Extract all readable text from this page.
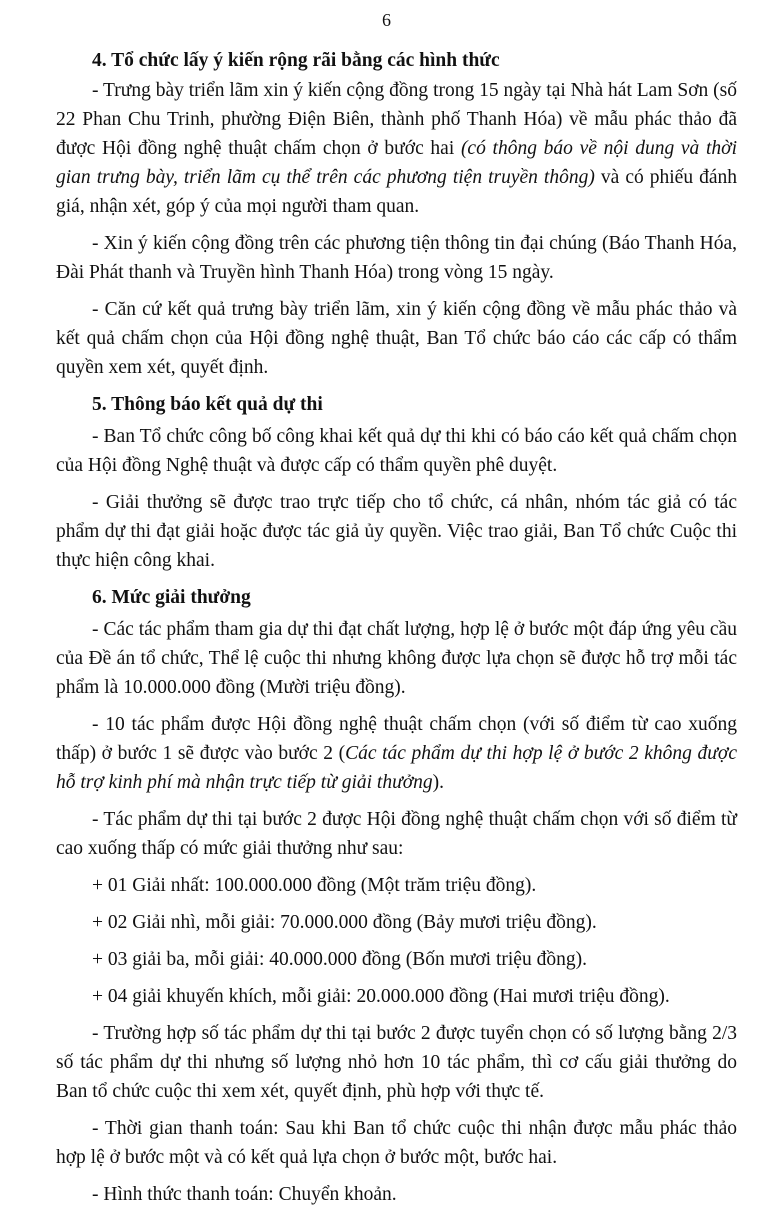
6
4. Tổ chức lấy ý kiến rộng rãi bằng các hình thức

- Trưng bày triển lãm xin ý kiến cộng đồng trong 15 ngày tại Nhà hát Lam Sơn (số 22 Phan Chu Trinh, phường Điện Biên, thành phố Thanh Hóa) về mẫu phác thảo đã được Hội đồng nghệ thuật chấm chọn ở bước hai (có thông báo về nội dung và thời gian trưng bày, triển lãm cụ thể trên các phương tiện truyền thông) và có phiếu đánh giá, nhận xét, góp ý của mọi người tham quan.

- Xin ý kiến cộng đồng trên các phương tiện thông tin đại chúng (Báo Thanh Hóa, Đài Phát thanh và Truyền hình Thanh Hóa) trong vòng 15 ngày.

- Căn cứ kết quả trưng bày triển lãm, xin ý kiến cộng đồng về mẫu phác thảo và kết quả chấm chọn của Hội đồng nghệ thuật, Ban Tổ chức báo cáo các cấp có thẩm quyền xem xét, quyết định.

5. Thông báo kết quả dự thi

- Ban Tổ chức công bố công khai kết quả dự thi khi có báo cáo kết quả chấm chọn của Hội đồng Nghệ thuật và được cấp có thẩm quyền phê duyệt.

- Giải thưởng sẽ được trao trực tiếp cho tổ chức, cá nhân, nhóm tác giả có tác phẩm dự thi đạt giải hoặc được tác giả ủy quyền. Việc trao giải, Ban Tổ chức Cuộc thi thực hiện công khai.

6. Mức giải thưởng

- Các tác phẩm tham gia dự thi đạt chất lượng, hợp lệ ở bước một đáp ứng yêu cầu của Đề án tổ chức, Thể lệ cuộc thi nhưng không được lựa chọn sẽ được hỗ trợ mỗi tác phẩm là 10.000.000 đồng (Mười triệu đồng).

- 10 tác phẩm được Hội đồng nghệ thuật chấm chọn (với số điểm từ cao xuống thấp) ở bước 1 sẽ được vào bước 2 (Các tác phẩm dự thi hợp lệ ở bước 2 không được hỗ trợ kinh phí mà nhận trực tiếp từ giải thưởng).

- Tác phẩm dự thi tại bước 2 được Hội đồng nghệ thuật chấm chọn với số điểm từ cao xuống thấp có mức giải thưởng như sau:

+ 01 Giải nhất: 100.000.000 đồng (Một trăm triệu đồng).

+ 02 Giải nhì, mỗi giải: 70.000.000 đồng (Bảy mươi triệu đồng).

+ 03 giải ba, mỗi giải: 40.000.000 đồng (Bốn mươi triệu đồng).

+ 04 giải khuyến khích, mỗi giải: 20.000.000 đồng (Hai mươi triệu đồng).

- Trường hợp số tác phẩm dự thi tại bước 2 được tuyển chọn có số lượng bằng 2/3 số tác phẩm dự thi nhưng số lượng nhỏ hơn 10 tác phẩm, thì cơ cấu giải thưởng do Ban tổ chức cuộc thi xem xét, quyết định, phù hợp với thực tế.

- Thời gian thanh toán: Sau khi Ban tổ chức cuộc thi nhận được mẫu phác thảo hợp lệ ở bước một và có kết quả lựa chọn ở bước một, bước hai.

- Hình thức thanh toán: Chuyển khoản.
